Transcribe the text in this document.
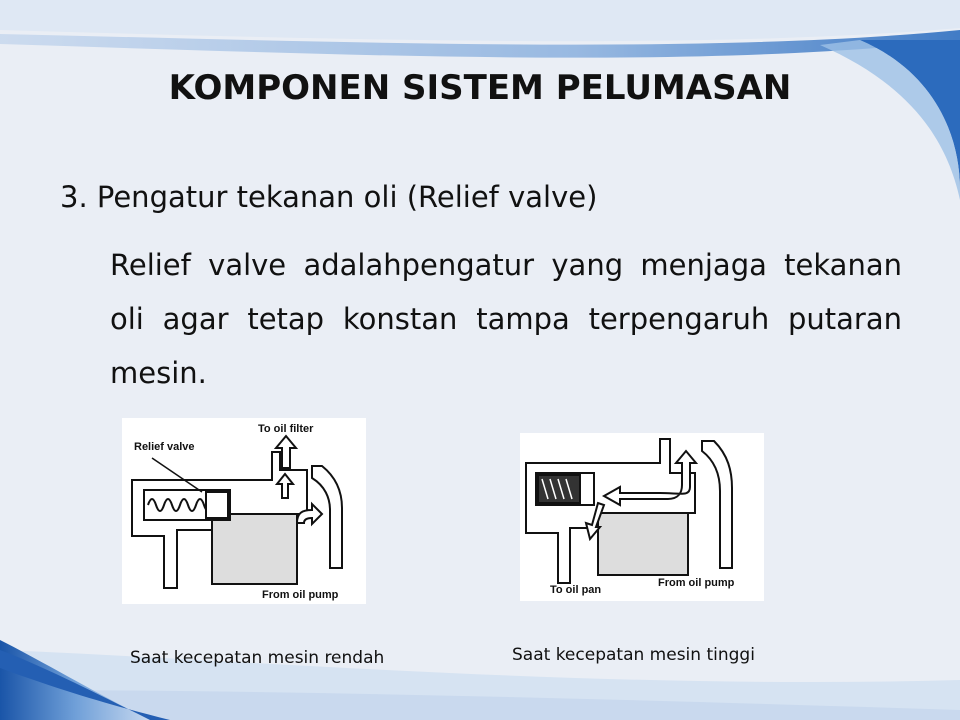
KOMPONEN SISTEM PELUMASAN
3. Pengatur tekanan oli (Relief valve)
Relief valve adalahpengatur yang menjaga tekanan oli agar tetap konstan tampa terpengaruh putaran mesin.
Relief valve
To oil filter
From oil pump	To oil pan
From oil pump
Saat kecepatan mesin rendah	Saat kecepatan mesin tinggi
